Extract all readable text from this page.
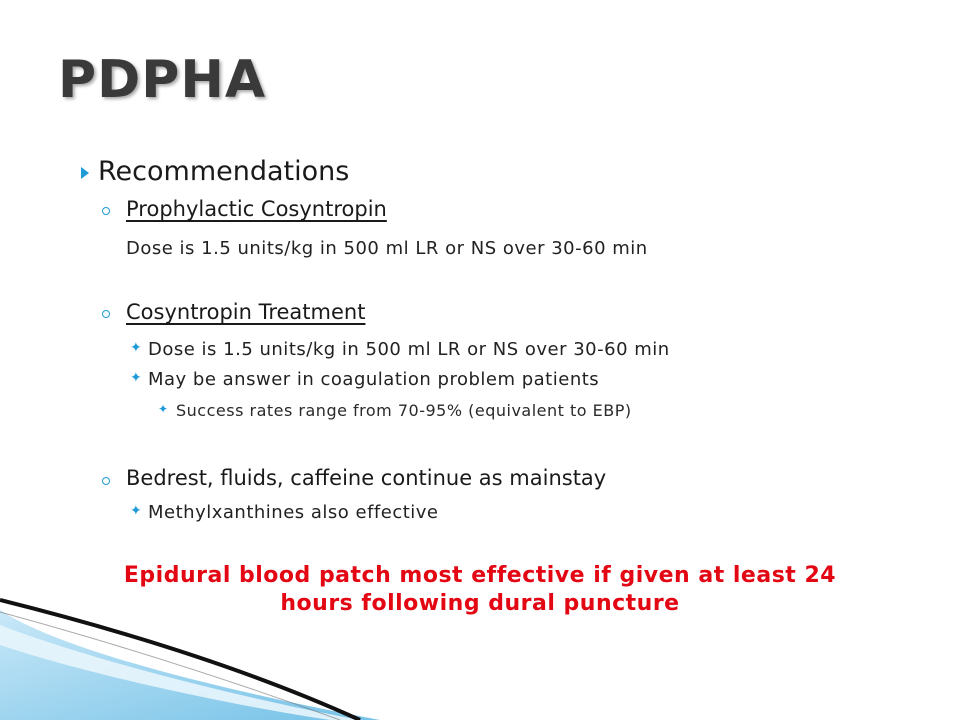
PDPHA
Recommendations
Prophylactic Cosyntropin
Dose is 1.5 units/kg in 500 ml LR or NS over 30-60 min
Cosyntropin Treatment
✦ Dose is 1.5 units/kg in 500 ml LR or NS over 30-60 min
✦ May be answer in coagulation problem patients
✦ Success rates range from 70-95% (equivalent to EBP)
Bedrest, fluids, caffeine continue as mainstay
✦ Methylxanthines also effective
Epidural blood patch most effective if given at least 24
hours following dural puncture
